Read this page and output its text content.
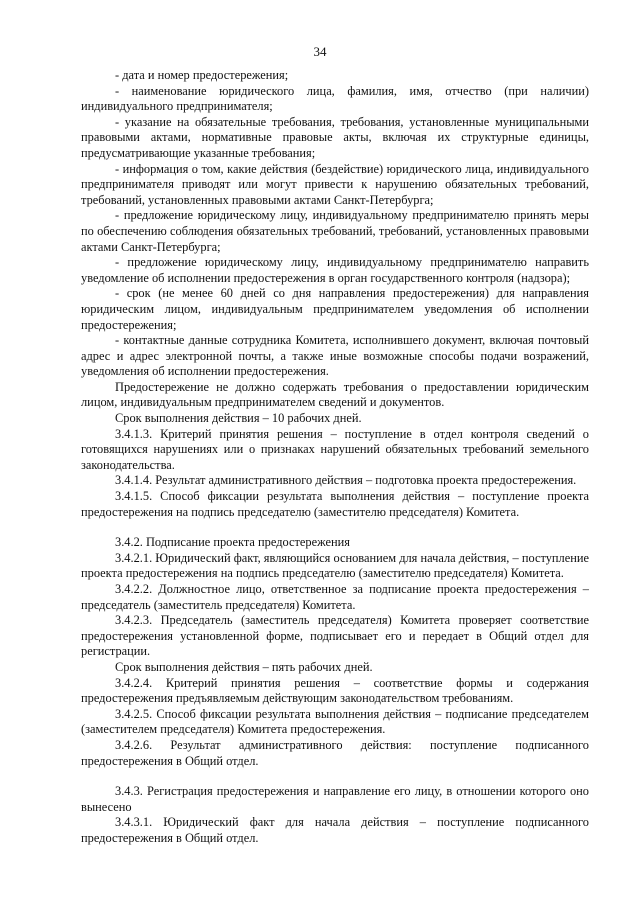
34

- дата и номер предостережения;

- наименование юридического лица, фамилия, имя, отчество (при наличии) индивидуального предпринимателя;

- указание на обязательные требования, требования, установленные муниципальными правовыми актами, нормативные правовые акты, включая их структурные единицы, предусматривающие указанные требования;

- информация о том, какие действия (бездействие) юридического лица, индивидуального предпринимателя приводят или могут привести к нарушению обязательных требований, требований, установленных правовыми актами Санкт-Петербурга;

- предложение юридическому лицу, индивидуальному предпринимателю принять меры по обеспечению соблюдения обязательных требований, требований, установленных правовыми актами Санкт-Петербурга;

- предложение юридическому лицу, индивидуальному предпринимателю направить уведомление об исполнении предостережения в орган государственного контроля (надзора);

- срок (не менее 60 дней со дня направления предостережения) для направления юридическим лицом, индивидуальным предпринимателем уведомления об исполнении предостережения;

- контактные данные сотрудника Комитета, исполнившего документ, включая почтовый адрес и адрес электронной почты, а также иные возможные способы подачи возражений, уведомления об исполнении предостережения.

Предостережение не должно содержать требования о предоставлении юридическим лицом, индивидуальным предпринимателем сведений и документов.

Срок выполнения действия – 10 рабочих дней.

3.4.1.3. Критерий принятия решения – поступление в отдел контроля сведений о готовящихся нарушениях или о признаках нарушений обязательных требований земельного законодательства.

3.4.1.4. Результат административного действия – подготовка проекта предостережения.

3.4.1.5. Способ фиксации результата выполнения действия – поступление проекта предостережения на подпись председателю (заместителю председателя) Комитета.

3.4.2. Подписание проекта предостережения

3.4.2.1. Юридический факт, являющийся основанием для начала действия, – поступление проекта предостережения на подпись председателю (заместителю председателя) Комитета.

3.4.2.2. Должностное лицо, ответственное за подписание проекта предостережения – председатель (заместитель председателя) Комитета.

3.4.2.3. Председатель (заместитель председателя) Комитета проверяет соответствие предостережения установленной форме, подписывает его и передает в Общий отдел для регистрации.

Срок выполнения действия – пять рабочих дней.

3.4.2.4. Критерий принятия решения – соответствие формы и содержания предостережения предъявляемым действующим законодательством требованиям.

3.4.2.5. Способ фиксации результата выполнения действия – подписание председателем (заместителем председателя) Комитета предостережения.

3.4.2.6. Результат административного действия: поступление подписанного предостережения в Общий отдел.

3.4.3. Регистрация предостережения и направление его лицу, в отношении которого оно вынесено

3.4.3.1. Юридический факт для начала действия – поступление подписанного предостережения в Общий отдел.
